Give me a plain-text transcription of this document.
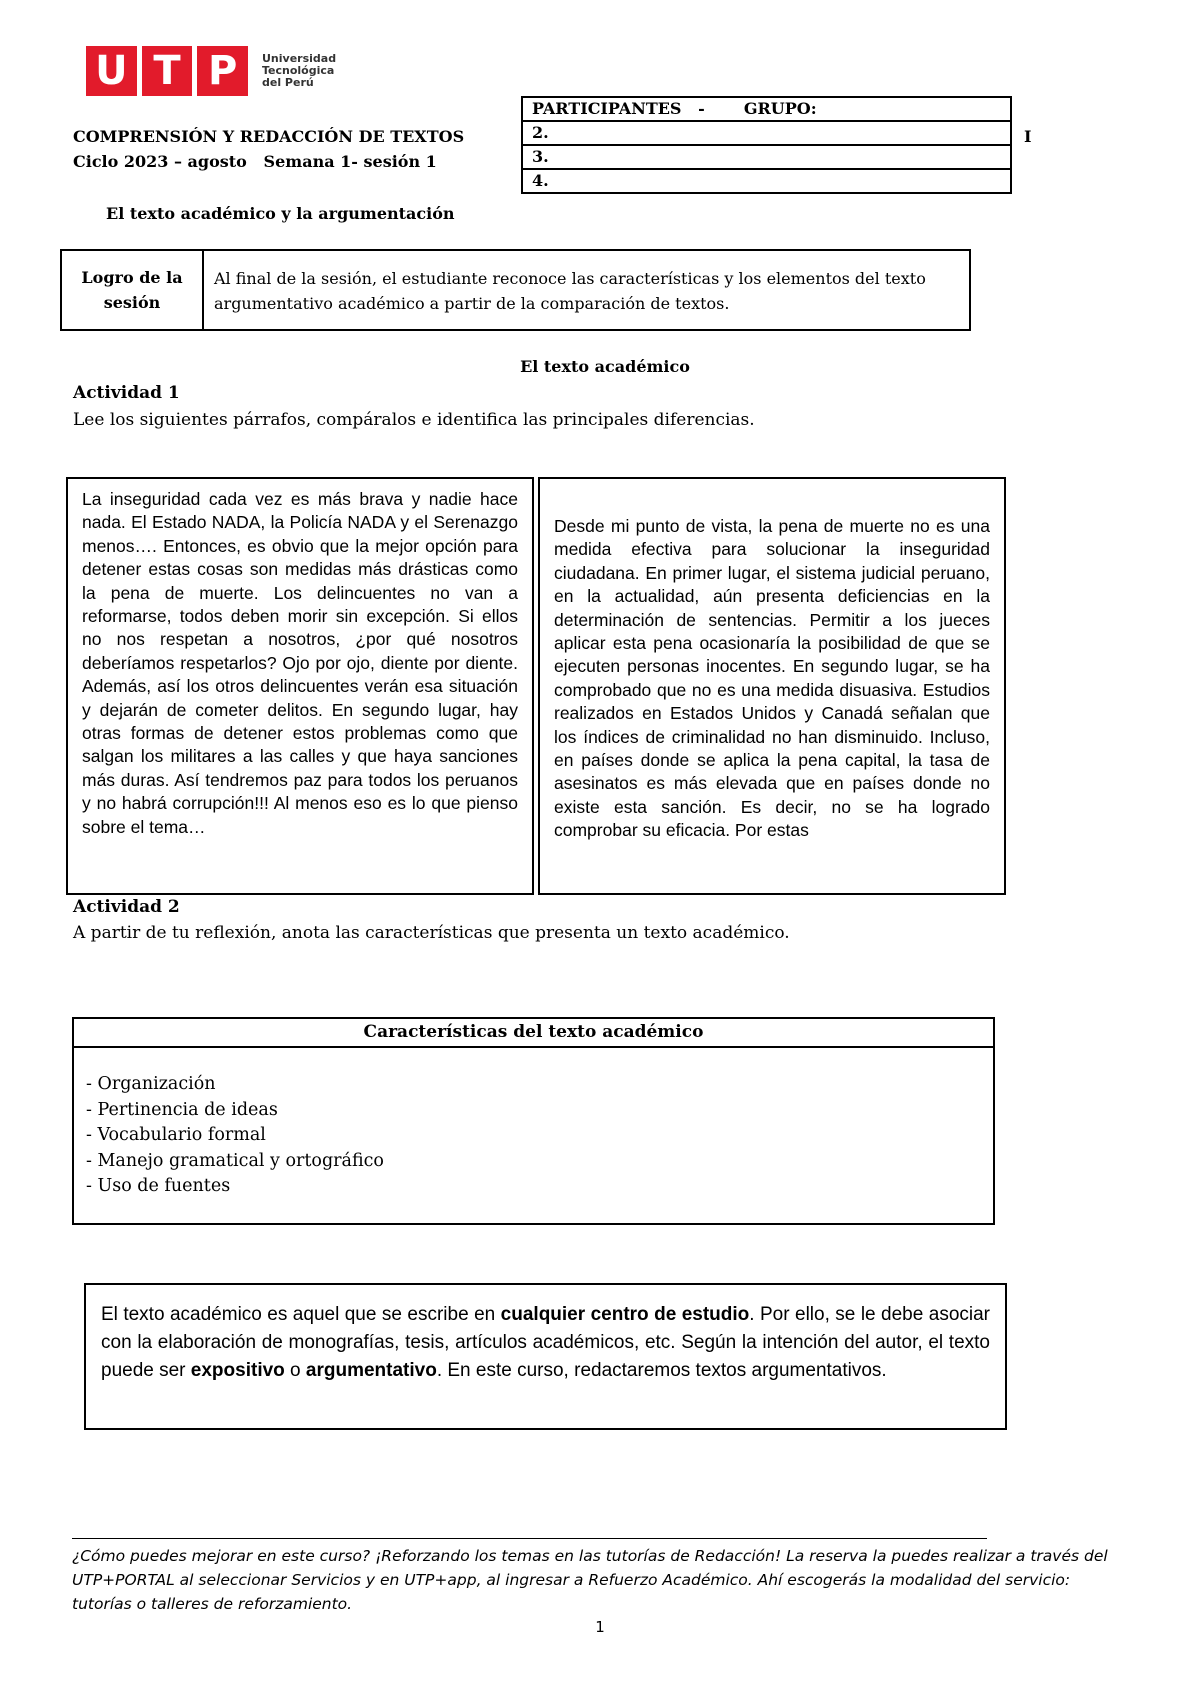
U T P	Universidad
Tecnológica
del Perú
COMPRENSIÓN Y REDACCIÓN DE TEXTOS
Ciclo 2023 – agosto   Semana 1- sesión 1
El texto académico y la argumentación
PARTICIPANTES   -       GRUPO:
2.
3.
4.
I
Logro de la sesión
Al final de la sesión, el estudiante reconoce las características y los elementos del texto argumentativo académico a partir de la comparación de textos.
El texto académico
Actividad 1
Lee los siguientes párrafos, compáralos e identifica las principales diferencias.
La inseguridad cada vez es más brava y nadie hace nada. El Estado NADA, la Policía NADA y el Serenazgo menos…. Entonces, es obvio que la mejor opción para detener estas cosas son medidas más drásticas como la pena de muerte. Los delincuentes no van a reformarse, todos deben morir sin excepción. Si ellos no nos respetan a nosotros, ¿por qué nosotros deberíamos respetarlos? Ojo por ojo, diente por diente. Además, así los otros delincuentes verán esa situación y dejarán de cometer delitos. En segundo lugar, hay otras formas de detener estos problemas como que salgan los militares a las calles y que haya sanciones más duras. Así tendremos paz para todos los peruanos y no habrá corrupción!!! Al menos eso es lo que pienso sobre el tema…
Desde mi punto de vista, la pena de muerte no es una medida efectiva para solucionar la inseguridad ciudadana. En primer lugar, el sistema judicial peruano, en la actualidad, aún presenta deficiencias en la determinación de sentencias. Permitir a los jueces aplicar esta pena ocasionaría la posibilidad de que se ejecuten personas inocentes. En segundo lugar, se ha comprobado que no es una medida disuasiva. Estudios realizados en Estados Unidos y Canadá señalan que los índices de criminalidad no han disminuido. Incluso, en países donde se aplica la pena capital, la tasa de asesinatos es más elevada que en países donde no existe esta sanción. Es decir, no se ha logrado comprobar su eficacia. Por estas
Actividad 2
A partir de tu reflexión, anota las características que presenta un texto académico.
Características del texto académico
- Organización
- Pertinencia de ideas
- Vocabulario formal
- Manejo gramatical y ortográfico
- Uso de fuentes
El texto académico es aquel que se escribe en cualquier centro de estudio. Por ello, se le debe asociar con la elaboración de monografías, tesis, artículos académicos, etc. Según la intención del autor, el texto puede ser expositivo o argumentativo. En este curso, redactaremos textos argumentativos.
¿Cómo puedes mejorar en este curso? ¡Reforzando los temas en las tutorías de Redacción! La reserva la puedes realizar a través del UTP+PORTAL al seleccionar Servicios y en UTP+app, al ingresar a Refuerzo Académico. Ahí escogerás la modalidad del servicio: tutorías o talleres de reforzamiento.
1
